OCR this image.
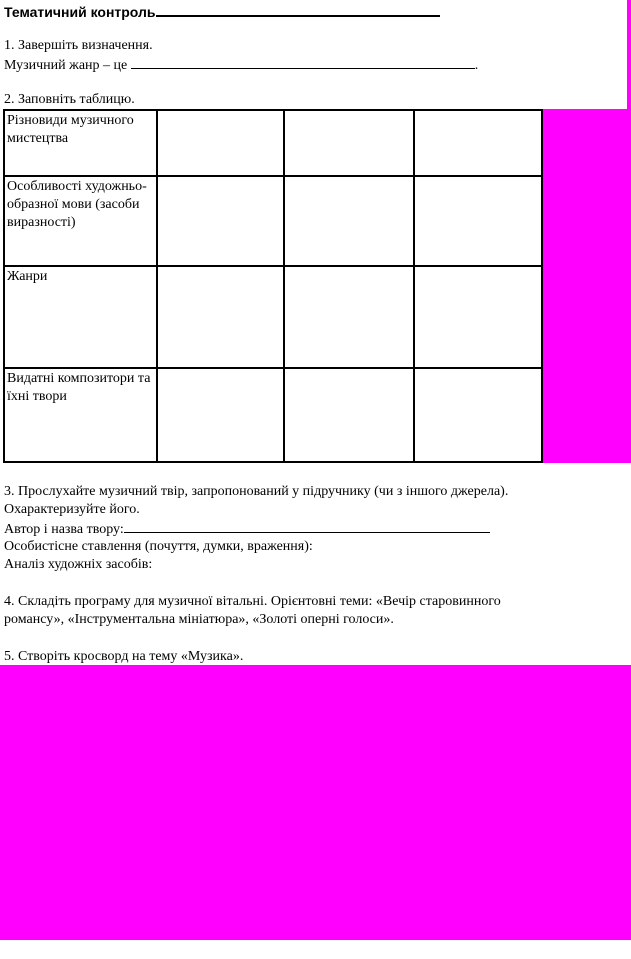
Тематичний контроль
1. Завершіть визначення.
Музичний жанр – це	.
2. Заповніть таблицю.
Різновиди музичного мистецтва			
Особливості художньо-образної мови (засоби виразності)			
Жанри			
Видатні композитори та їхні твори			
3. Прослухайте музичний твір, запропонований у підручнику (чи з іншого джерела).
Охарактеризуйте його.
Автор і назва твору:
Особистісне ставлення (почуття, думки, враження):
Аналіз художніх засобів:
4. Складіть програму для музичної вітальні. Орієнтовні теми: «Вечір старовинного
романсу», «Інструментальна мініатюра», «Золоті оперні голоси».
5. Створіть кросворд на тему «Музика».
